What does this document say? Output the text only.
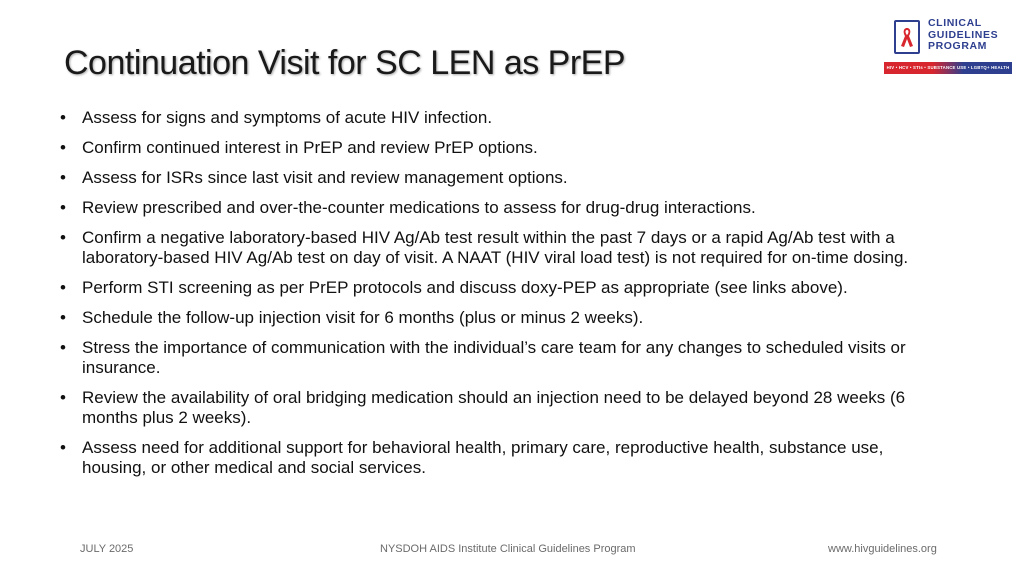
Continuation Visit for SC LEN as PrEP
CLINICAL
GUIDELINES
PROGRAM
HIV • HCV • STIs • SUBSTANCE USE • LGBTQ+ HEALTH
• Assess for signs and symptoms of acute HIV infection.
• Confirm continued interest in PrEP and review PrEP options.
• Assess for ISRs since last visit and review management options.
• Review prescribed and over-the-counter medications to assess for drug-drug interactions.
• Confirm a negative laboratory-based HIV Ag/Ab test result within the past 7 days or a rapid Ag/Ab test with a laboratory-based HIV Ag/Ab test on day of visit. A NAAT (HIV viral load test) is not required for on-time dosing.
• Perform STI screening as per PrEP protocols and discuss doxy-PEP as appropriate (see links above).
• Schedule the follow-up injection visit for 6 months (plus or minus 2 weeks).
• Stress the importance of communication with the individual’s care team for any changes to scheduled visits or insurance.
• Review the availability of oral bridging medication should an injection need to be delayed beyond 28 weeks (6 months plus 2 weeks).
• Assess need for additional support for behavioral health, primary care, reproductive health, substance use, housing, or other medical and social services.
JULY 2025	NYSDOH AIDS Institute Clinical Guidelines Program	www.hivguidelines.org
